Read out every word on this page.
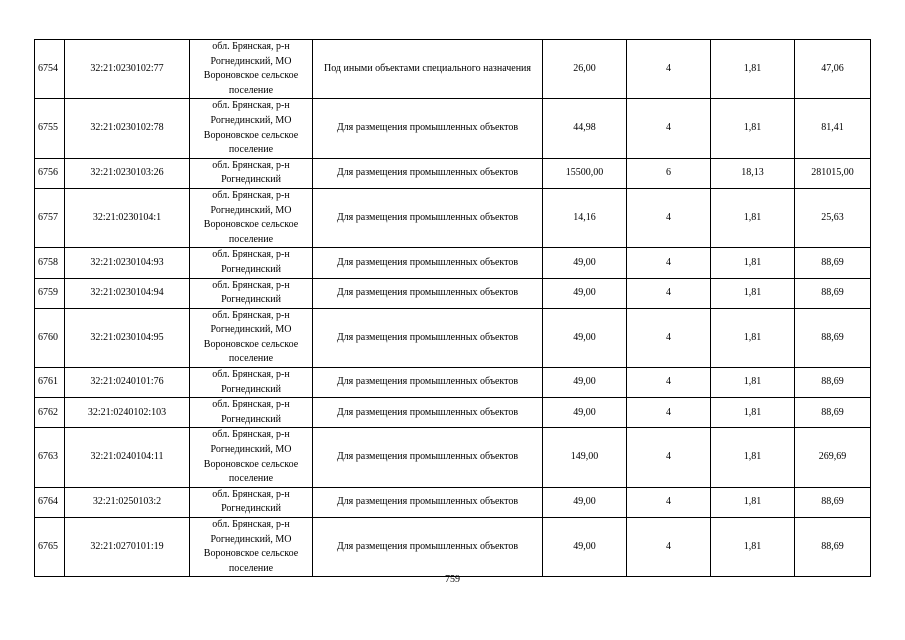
6754	32:21:0230102:77	обл. Брянская, р-н Рогнединский, МО Вороновское сельское поселение	Под иными объектами специального назначения	26,00	4	1,81	47,06
6755	32:21:0230102:78	обл. Брянская, р-н Рогнединский, МО Вороновское сельское поселение	Для размещения промышленных объектов	44,98	4	1,81	81,41
6756	32:21:0230103:26	обл. Брянская, р-н Рогнединский	Для размещения промышленных объектов	15500,00	6	18,13	281015,00
6757	32:21:0230104:1	обл. Брянская, р-н Рогнединский, МО Вороновское сельское поселение	Для размещения промышленных объектов	14,16	4	1,81	25,63
6758	32:21:0230104:93	обл. Брянская, р-н Рогнединский	Для размещения промышленных объектов	49,00	4	1,81	88,69
6759	32:21:0230104:94	обл. Брянская, р-н Рогнединский	Для размещения промышленных объектов	49,00	4	1,81	88,69
6760	32:21:0230104:95	обл. Брянская, р-н Рогнединский, МО Вороновское сельское поселение	Для размещения промышленных объектов	49,00	4	1,81	88,69
6761	32:21:0240101:76	обл. Брянская, р-н Рогнединский	Для размещения промышленных объектов	49,00	4	1,81	88,69
6762	32:21:0240102:103	обл. Брянская, р-н Рогнединский	Для размещения промышленных объектов	49,00	4	1,81	88,69
6763	32:21:0240104:11	обл. Брянская, р-н Рогнединский, МО Вороновское сельское поселение	Для размещения промышленных объектов	149,00	4	1,81	269,69
6764	32:21:0250103:2	обл. Брянская, р-н Рогнединский	Для размещения промышленных объектов	49,00	4	1,81	88,69
6765	32:21:0270101:19	обл. Брянская, р-н Рогнединский, МО Вороновское сельское поселение	Для размещения промышленных объектов	49,00	4	1,81	88,69
759
